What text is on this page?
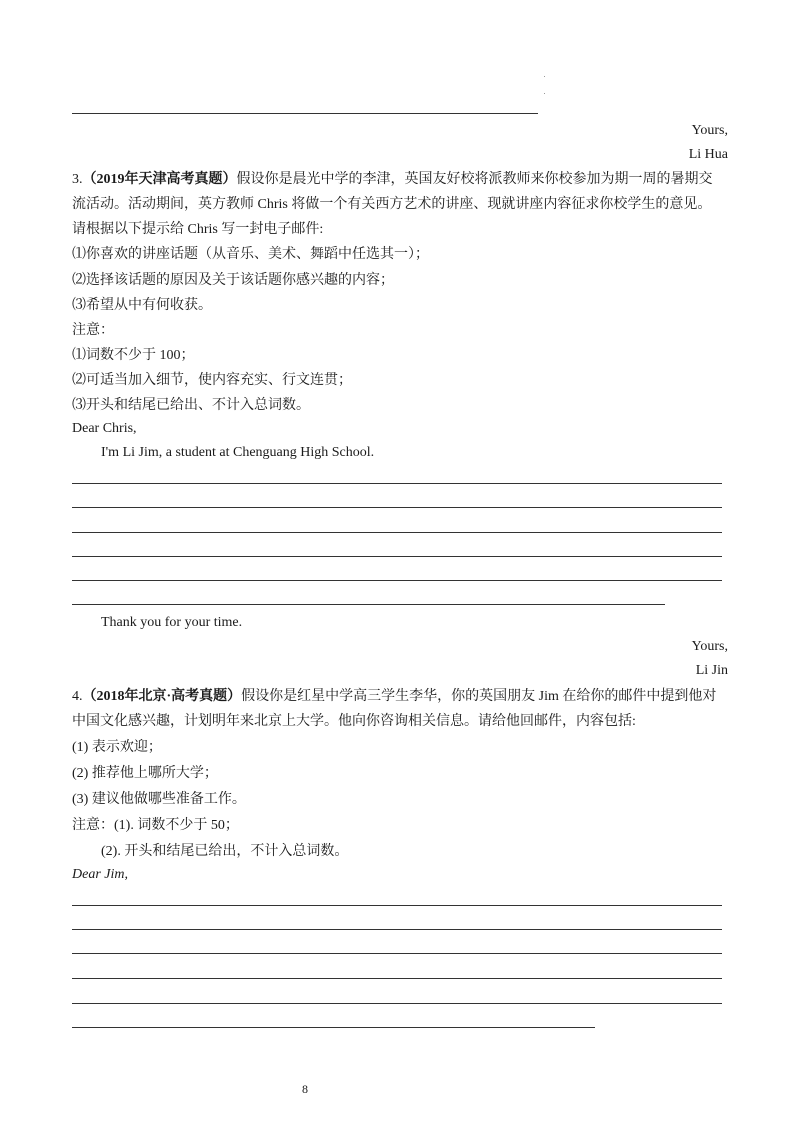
Yours,
Li Hua
3.（2019年天津高考真题）假设你是晨光中学的李津，英国友好校将派教师来你校参加为期一周的暑期交
流活动。活动期间，英方教师 Chris 将做一个有关西方艺术的讲座、现就讲座内容征求你校学生的意见。
请根据以下提示给 Chris 写一封电子邮件:
⑴你喜欢的讲座话题（从音乐、美术、舞蹈中任选其一）；
⑵选择该话题的原因及关于该话题你感兴趣的内容；
⑶希望从中有何收获。
注意：
⑴词数不少于 100；
⑵可适当加入细节，使内容充实、行文连贯；
⑶开头和结尾已给出、不计入总词数。
Dear Chris,
I'm Li Jim, a student at Chenguang High School.
Thank you for your time.
Yours,
Li Jin
4.（2018年北京·高考真题）假设你是红星中学高三学生李华，你的英国朋友 Jim 在给你的邮件中提到他对
中国文化感兴趣，计划明年来北京上大学。他向你咨询相关信息。请给他回邮件，内容包括:
(1) 表示欢迎；
(2) 推荐他上哪所大学；
(3) 建议他做哪些准备工作。
注意：(1). 词数不少于 50；
(2). 开头和结尾已给出，不计入总词数。
Dear Jim,
8
